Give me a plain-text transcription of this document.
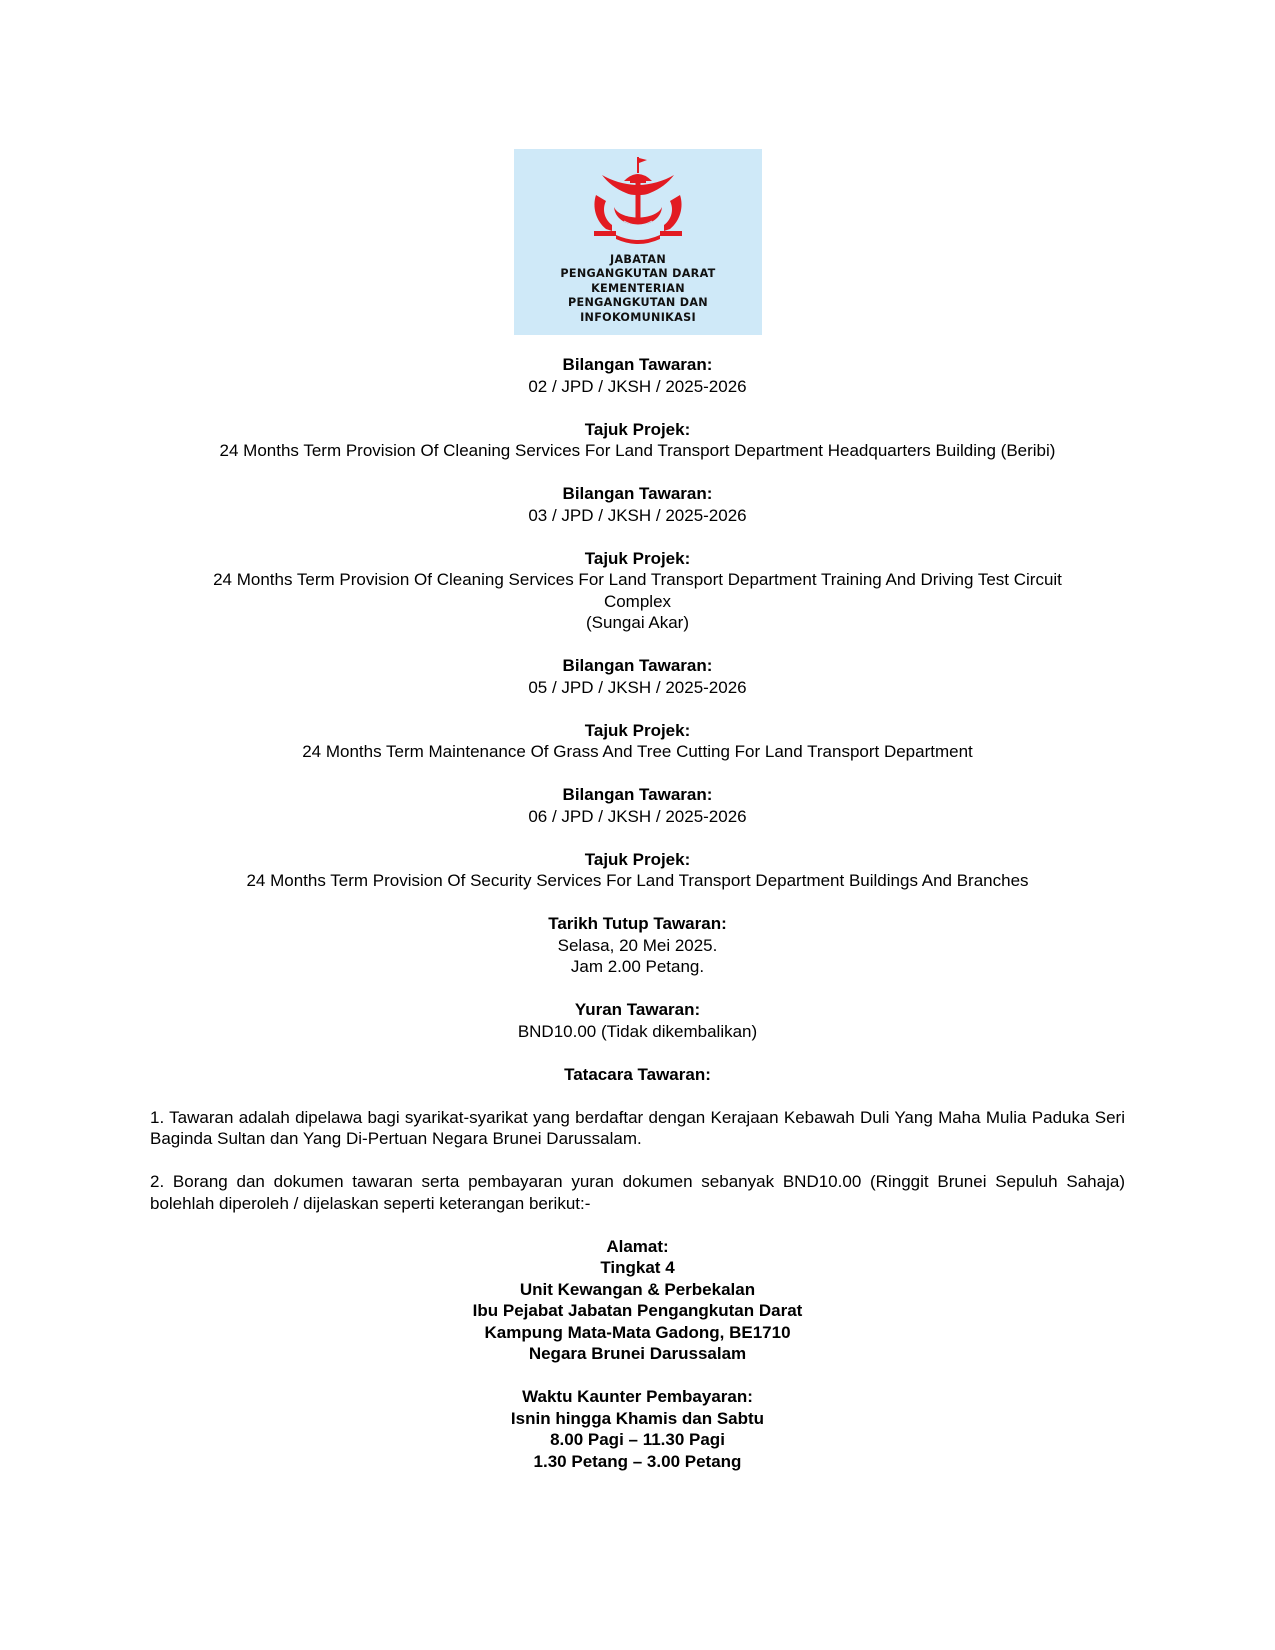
JABATAN
PENGANGKUTAN DARAT
KEMENTERIAN
PENGANGKUTAN DAN
INFOKOMUNIKASI
Bilangan Tawaran:
02 / JPD / JKSH / 2025-2026
Tajuk Projek:
24 Months Term Provision Of Cleaning Services For Land Transport Department Headquarters Building (Beribi)
Bilangan Tawaran:
03 / JPD / JKSH / 2025-2026
Tajuk Projek:
24 Months Term Provision Of Cleaning Services For Land Transport Department Training And Driving Test Circuit
Complex
(Sungai Akar)
Bilangan Tawaran:
05 / JPD / JKSH / 2025-2026
Tajuk Projek:
24 Months Term Maintenance Of Grass And Tree Cutting For Land Transport Department
Bilangan Tawaran:
06 / JPD / JKSH / 2025-2026
Tajuk Projek:
24 Months Term Provision Of Security Services For Land Transport Department Buildings And Branches
Tarikh Tutup Tawaran:
Selasa, 20 Mei 2025.
Jam 2.00 Petang.
Yuran Tawaran:
BND10.00 (Tidak dikembalikan)
Tatacara Tawaran:
1. Tawaran adalah dipelawa bagi syarikat-syarikat yang berdaftar dengan Kerajaan Kebawah Duli Yang Maha Mulia Paduka Seri Baginda Sultan dan Yang Di-Pertuan Negara Brunei Darussalam.
2. Borang dan dokumen tawaran serta pembayaran yuran dokumen sebanyak BND10.00 (Ringgit Brunei Sepuluh Sahaja) bolehlah diperoleh / dijelaskan seperti keterangan berikut:-
Alamat:
Tingkat 4
Unit Kewangan & Perbekalan
Ibu Pejabat Jabatan Pengangkutan Darat
Kampung Mata-Mata Gadong, BE1710
Negara Brunei Darussalam
Waktu Kaunter Pembayaran:
Isnin hingga Khamis dan Sabtu
8.00 Pagi – 11.30 Pagi
1.30 Petang – 3.00 Petang
